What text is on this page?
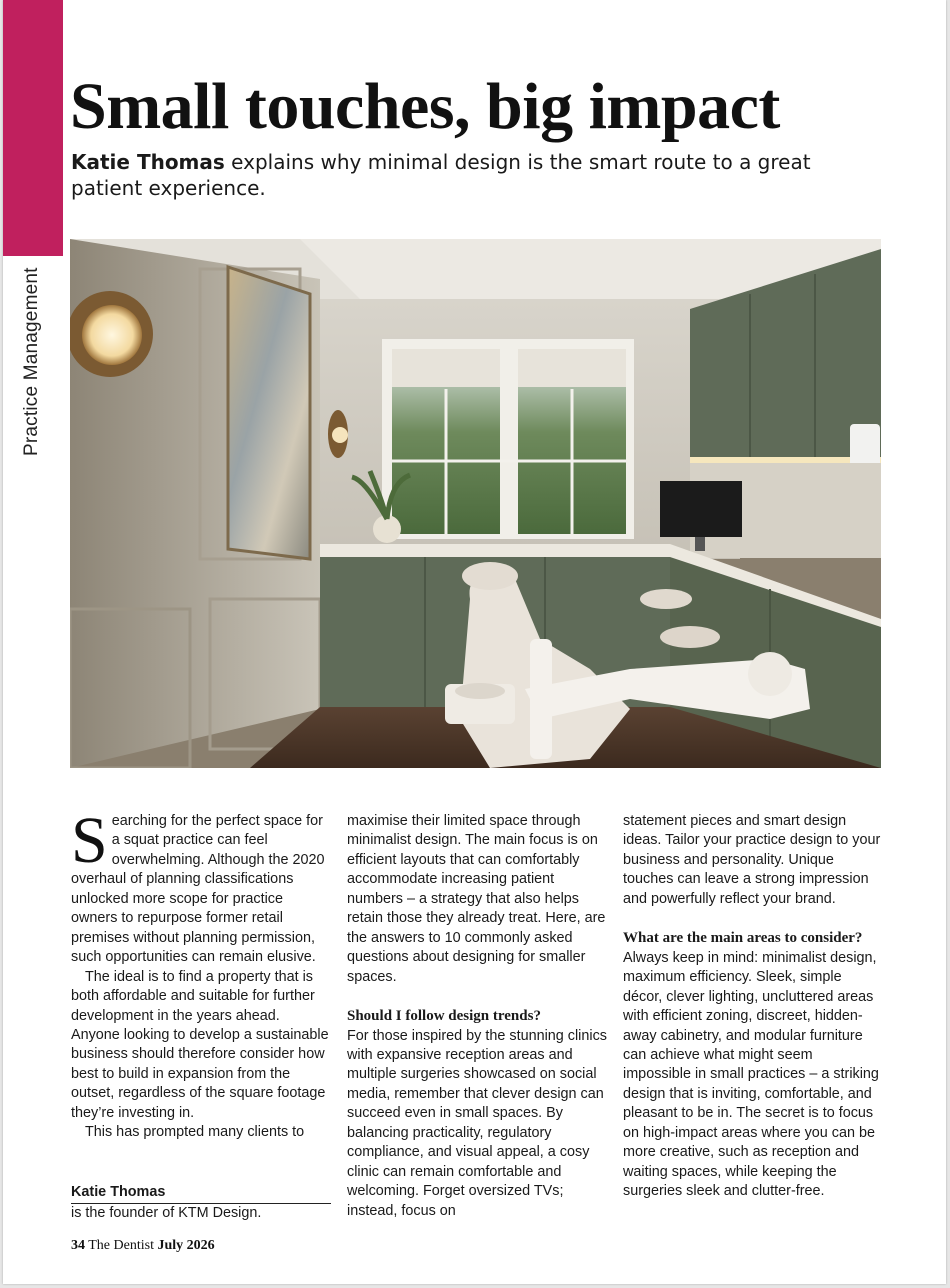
Practice Management
Small touches, big impact

Katie Thomas explains why minimal design is the smart route to a great patient experience.

Searching for the perfect space for a squat practice can feel overwhelming. Although the 2020 overhaul of planning classifications unlocked more scope for practice owners to repurpose former retail premises without planning permission, such opportunities can remain elusive.

The ideal is to find a property that is both affordable and suitable for further development in the years ahead. Anyone looking to develop a sustainable business should therefore consider how best to build in expansion from the outset, regardless of the square footage they’re investing in.

This has prompted many clients to

maximise their limited space through minimalist design. The main focus is on efficient layouts that can comfortably accommodate increasing patient numbers – a strategy that also helps retain those they already treat. Here, are the answers to 10 commonly asked questions about designing for smaller spaces.

Should I follow design trends?

For those inspired by the stunning clinics with expansive reception areas and multiple surgeries showcased on social media, remember that clever design can succeed even in small spaces. By balancing practicality, regulatory compliance, and visual appeal, a cosy clinic can remain comfortable and welcoming. Forget oversized TVs; instead, focus on

statement pieces and smart design ideas. Tailor your practice design to your business and personality. Unique touches can leave a strong impression and powerfully reflect your brand.

What are the main areas to consider?

Always keep in mind: minimalist design, maximum efficiency. Sleek, simple décor, clever lighting, uncluttered areas with efficient zoning, discreet, hidden-away cabinetry, and modular furniture can achieve what might seem impossible in small practices – a striking design that is inviting, comfortable, and pleasant to be in. The secret is to focus on high-impact areas where you can be more creative, such as reception and waiting spaces, while keeping the surgeries sleek and clutter-free.

Katie Thomas
is the founder of KTM Design.
34 The Dentist July 2026
